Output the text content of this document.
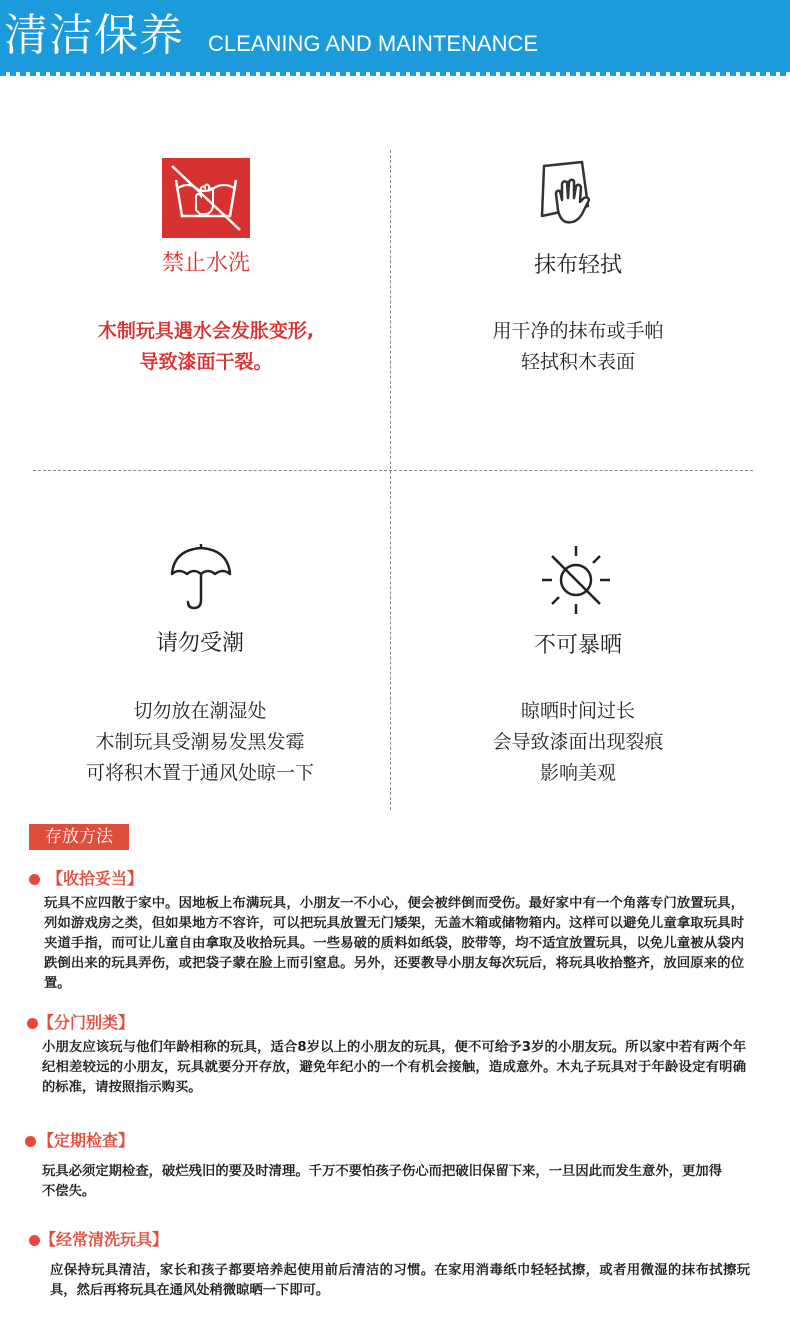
清洁保养 CLEANING AND MAINTENANCE
禁止水洗
木制玩具遇水会发胀变形,
导致漆面干裂。
抹布轻拭
用干净的抹布或手帕
轻拭积木表面
请勿受潮
切勿放在潮湿处
木制玩具受潮易发黑发霉
可将积木置于通风处晾一下
不可暴晒
晾晒时间过长
会导致漆面出现裂痕
影响美观
存放方法
【收拾妥当】
玩具不应四散于家中。因地板上布满玩具，小朋友一不小心，便会被绊倒而受伤。最好家中有一个角落专门放置玩具，列如游戏房之类，但如果地方不容许，可以把玩具放置无门矮架，无盖木箱或储物箱内。这样可以避免儿童拿取玩具时夹道手指，而可让儿童自由拿取及收拾玩具。一些易破的质料如纸袋，胶带等，均不适宜放置玩具，以免儿童被从袋内跌倒出来的玩具弄伤，或把袋子蒙在脸上而引窒息。另外，还要教导小朋友每次玩后，将玩具收拾整齐，放回原来的位置。
【分门别类】
小朋友应该玩与他们年龄相称的玩具，适合8岁以上的小朋友的玩具，便不可给予3岁的小朋友玩。所以家中若有两个年纪相差较远的小朋友，玩具就要分开存放，避免年纪小的一个有机会接触，造成意外。木丸子玩具对于年龄设定有明确的标准，请按照指示购买。
【定期检查】
玩具必须定期检查，破烂残旧的要及时清理。千万不要怕孩子伤心而把破旧保留下来，一旦因此而发生意外，更加得不偿失。
【经常清洗玩具】
应保持玩具清洁，家长和孩子都要培养起使用前后清洁的习惯。在家用消毒纸巾轻轻拭擦，或者用微湿的抹布拭擦玩具，然后再将玩具在通风处稍微晾晒一下即可。
